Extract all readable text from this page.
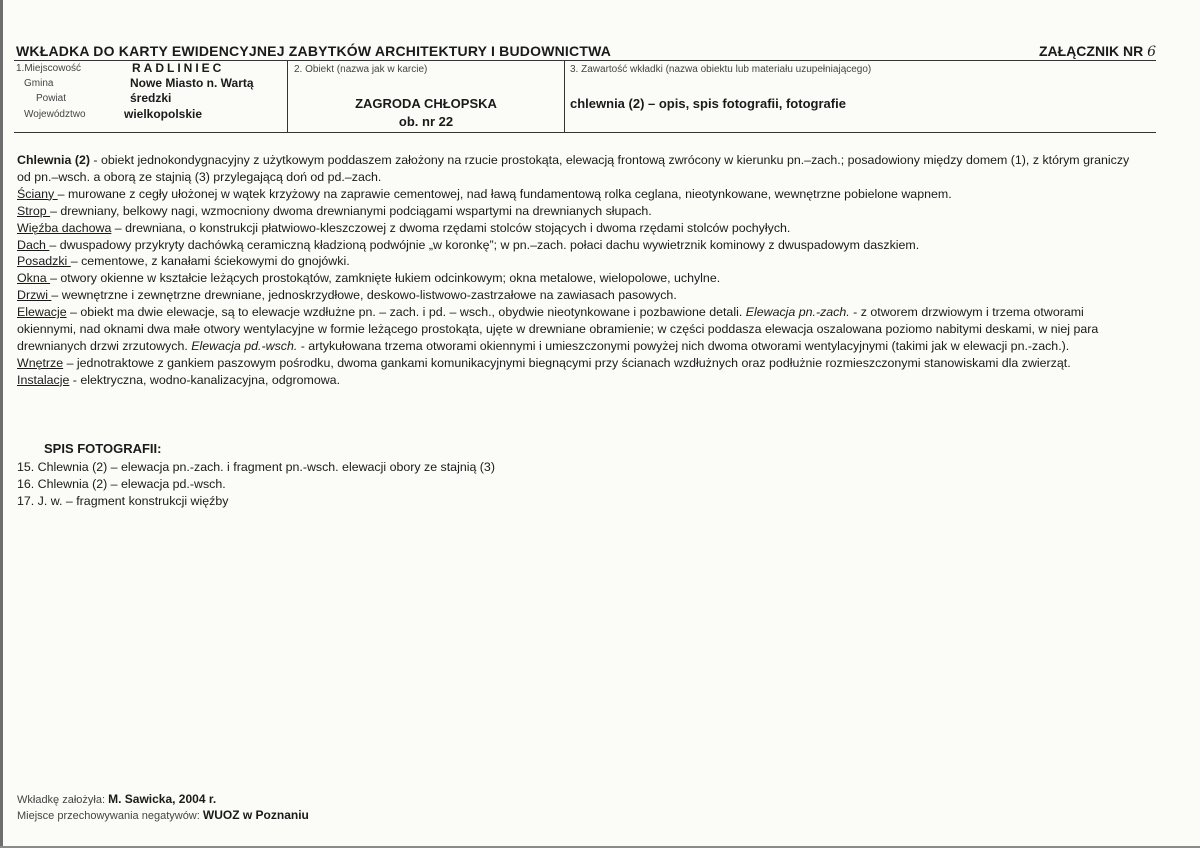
WKŁADKA DO KARTY EWIDENCYJNEJ ZABYTKÓW ARCHITEKTURY I BUDOWNICTWA	ZAŁĄCZNIK NR 6
1.Miejscowość	RADLINIEC
Gmina	Nowe Miasto n. Wartą
Powiat	średzki
Województwo	wielkopolskie
2. Obiekt (nazwa jak w karcie)
ZAGRODA CHŁOPSKA
ob. nr 22
3. Zawartość wkładki (nazwa obiektu lub materiału uzupełniającego)
chlewnia (2) – opis, spis fotografii, fotografie

Chlewnia (2) - obiekt jednokondygnacyjny z użytkowym poddaszem założony na rzucie prostokąta, elewacją frontową zwrócony w kierunku pn.–zach.; posadowiony między domem (1), z którym graniczy od pn.–wsch. a oborą ze stajnią (3) przylegającą doń od pd.–zach.

Ściany – murowane z cegły ułożonej w wątek krzyżowy na zaprawie cementowej, nad ławą fundamentową rolka ceglana, nieotynkowane, wewnętrzne pobielone wapnem.

Strop – drewniany, belkowy nagi, wzmocniony dwoma drewnianymi podciągami wspartymi na drewnianych słupach.

Więźba dachowa – drewniana, o konstrukcji płatwiowo-kleszczowej z dwoma rzędami stolców stojących i dwoma rzędami stolców pochyłych.

Dach – dwuspadowy przykryty dachówką ceramiczną kładzioną podwójnie „w koronkę”; w pn.–zach. połaci dachu wywietrznik kominowy z dwuspadowym daszkiem.

Posadzki – cementowe, z kanałami ściekowymi do gnojówki.

Okna – otwory okienne w kształcie leżących prostokątów, zamknięte łukiem odcinkowym; okna metalowe, wielopolowe, uchylne.

Drzwi – wewnętrzne i zewnętrzne drewniane, jednoskrzydłowe, deskowo-listwowo-zastrzałowe na zawiasach pasowych.

Elewacje – obiekt ma dwie elewacje, są to elewacje wzdłużne pn. – zach. i pd. – wsch., obydwie nieotynkowane i pozbawione detali. Elewacja pn.-zach. - z otworem drzwiowym i trzema otworami okiennymi, nad oknami dwa małe otwory wentylacyjne w formie leżącego prostokąta, ujęte w drewniane obramienie; w części poddasza elewacja oszalowana poziomo nabitymi deskami, w niej para drewnianych drzwi zrzutowych. Elewacja pd.-wsch. - artykułowana trzema otworami okiennymi i umieszczonymi powyżej nich dwoma otworami wentylacyjnymi (takimi jak w elewacji pn.-zach.).

Wnętrze – jednotraktowe z gankiem paszowym pośrodku, dwoma gankami komunikacyjnymi biegnącymi przy ścianach wzdłużnych oraz podłużnie rozmieszczonymi stanowiskami dla zwierząt.

Instalacje - elektryczna, wodno-kanalizacyjna, odgromowa.

SPIS FOTOGRAFII:
15. Chlewnia (2) – elewacja pn.-zach. i fragment pn.-wsch. elewacji obory ze stajnią (3)
16. Chlewnia (2) – elewacja pd.-wsch.
17. J. w. – fragment konstrukcji więźby
Wkładkę założyła: M. Sawicka, 2004 r.
Miejsce przechowywania negatywów: WUOZ w Poznaniu
